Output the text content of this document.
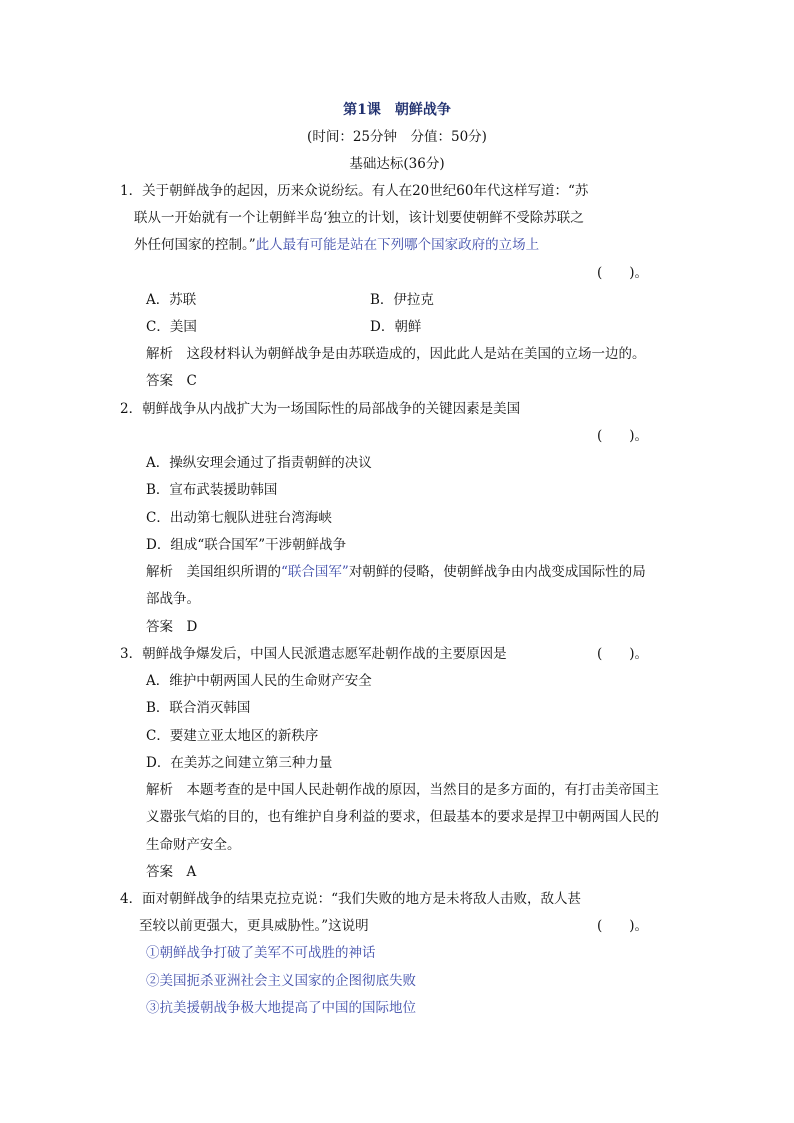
第1课　朝鲜战争
(时间：25分钟　分值：50分)
基础达标(36分)
1．关于朝鲜战争的起因，历来众说纷纭。有人在20世纪60年代这样写道：“苏
联从一开始就有一个让朝鲜半岛‘独立的计划，该计划要使朝鲜不受除苏联之
外任何国家的控制。”此人最有可能是站在下列哪个国家政府的立场上
(　　)。
A．苏联	B．伊拉克
C．美国	D．朝鲜
解析　这段材料认为朝鲜战争是由苏联造成的，因此此人是站在美国的立场一边的。
答案　C
2．朝鲜战争从内战扩大为一场国际性的局部战争的关键因素是美国
(　　)。
A．操纵安理会通过了指责朝鲜的决议
B．宣布武装援助韩国
C．出动第七舰队进驻台湾海峡
D．组成“联合国军”干涉朝鲜战争
解析　美国组织所谓的“联合国军”对朝鲜的侵略，使朝鲜战争由内战变成国际性的局
部战争。
答案　D
3．朝鲜战争爆发后，中国人民派遣志愿军赴朝作战的主要原因是	(　　)。
A．维护中朝两国人民的生命财产安全
B．联合消灭韩国
C．要建立亚太地区的新秩序
D．在美苏之间建立第三种力量
解析　本题考查的是中国人民赴朝作战的原因，当然目的是多方面的，有打击美帝国主
义嚣张气焰的目的，也有维护自身利益的要求，但最基本的要求是捍卫中朝两国人民的
生命财产安全。
答案　A
4．面对朝鲜战争的结果克拉克说：“我们失败的地方是未将敌人击败，敌人甚
至较以前更强大，更具威胁性。”这说明	(　　)。
①朝鲜战争打破了美军不可战胜的神话
②美国扼杀亚洲社会主义国家的企图彻底失败
③抗美援朝战争极大地提高了中国的国际地位
